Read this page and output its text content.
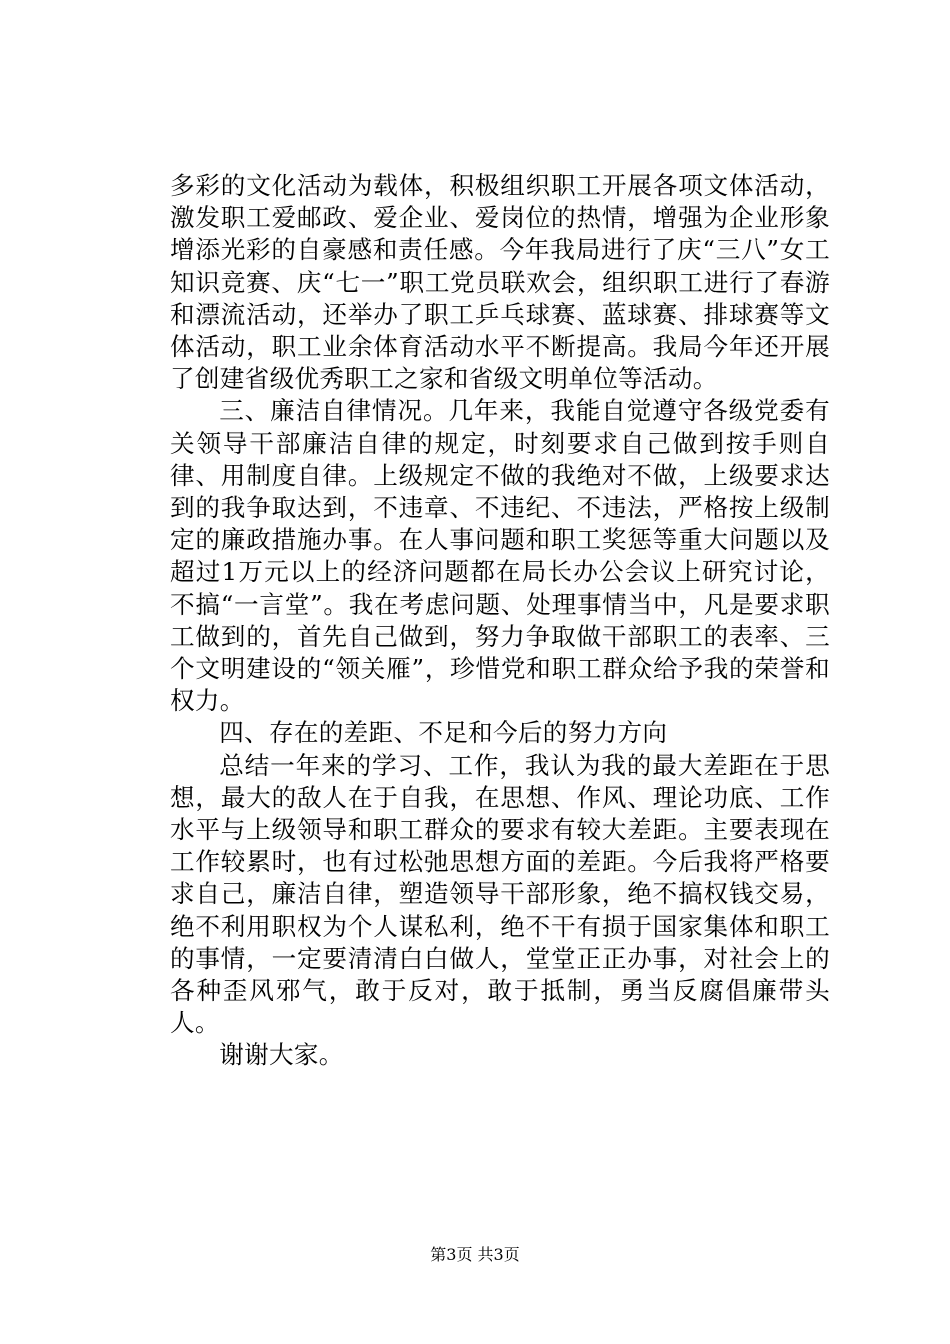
多彩的文化活动为载体，积极组织职工开展各项文体活动，激发职工爱邮政、爱企业、爱岗位的热情，增强为企业形象增添光彩的自豪感和责任感。今年我局进行了庆“三八”女工知识竞赛、庆“七一”职工党员联欢会，组织职工进行了春游和漂流活动，还举办了职工乒乓球赛、蓝球赛、排球赛等文体活动，职工业余体育活动水平不断提高。我局今年还开展了创建省级优秀职工之家和省级文明单位等活动。

三、廉洁自律情况。几年来，我能自觉遵守各级党委有关领导干部廉洁自律的规定，时刻要求自己做到按手则自律、用制度自律。上级规定不做的我绝对不做，上级要求达到的我争取达到，不违章、不违纪、不违法，严格按上级制定的廉政措施办事。在人事问题和职工奖惩等重大问题以及超过1万元以上的经济问题都在局长办公会议上研究讨论，不搞“一言堂”。我在考虑问题、处理事情当中，凡是要求职工做到的，首先自己做到，努力争取做干部职工的表率、三个文明建设的“领关雁”，珍惜党和职工群众给予我的荣誉和权力。

四、存在的差距、不足和今后的努力方向

总结一年来的学习、工作，我认为我的最大差距在于思想，最大的敌人在于自我，在思想、作风、理论功底、工作水平与上级领导和职工群众的要求有较大差距。主要表现在工作较累时，也有过松弛思想方面的差距。今后我将严格要求自己，廉洁自律，塑造领导干部形象，绝不搞权钱交易，绝不利用职权为个人谋私利，绝不干有损于国家集体和职工的事情，一定要清清白白做人，堂堂正正办事，对社会上的各种歪风邪气，敢于反对，敢于抵制，勇当反腐倡廉带头人。

谢谢大家。

第3页 共3页
